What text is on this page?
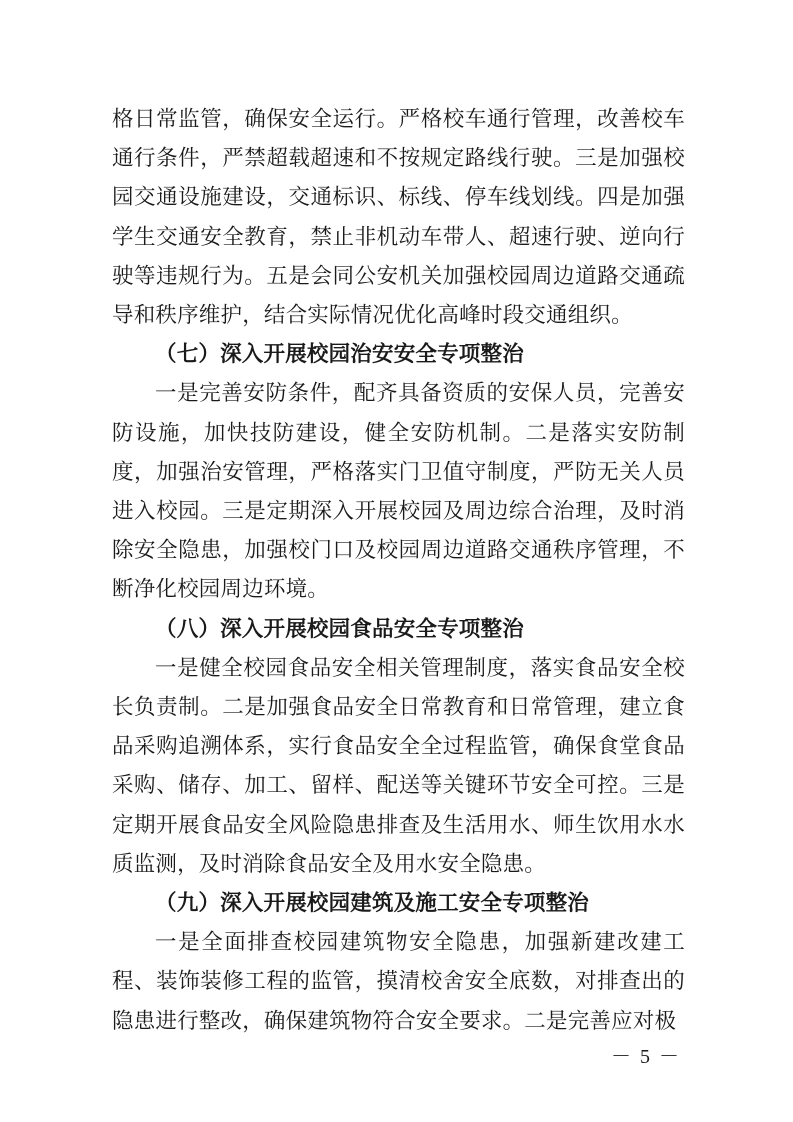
格日常监管，确保安全运行。严格校车通行管理，改善校车通行条件，严禁超载超速和不按规定路线行驶。三是加强校园交通设施建设，交通标识、标线、停车线划线。四是加强学生交通安全教育，禁止非机动车带人、超速行驶、逆向行驶等违规行为。五是会同公安机关加强校园周边道路交通疏导和秩序维护，结合实际情况优化高峰时段交通组织。

（七）深入开展校园治安安全专项整治

一是完善安防条件，配齐具备资质的安保人员，完善安防设施，加快技防建设，健全安防机制。二是落实安防制度，加强治安管理，严格落实门卫值守制度，严防无关人员进入校园。三是定期深入开展校园及周边综合治理，及时消除安全隐患，加强校门口及校园周边道路交通秩序管理，不断净化校园周边环境。

（八）深入开展校园食品安全专项整治

一是健全校园食品安全相关管理制度，落实食品安全校长负责制。二是加强食品安全日常教育和日常管理，建立食品采购追溯体系，实行食品安全全过程监管，确保食堂食品采购、储存、加工、留样、配送等关键环节安全可控。三是定期开展食品安全风险隐患排查及生活用水、师生饮用水水质监测，及时消除食品安全及用水安全隐患。

（九）深入开展校园建筑及施工安全专项整治

一是全面排查校园建筑物安全隐患，加强新建改建工程、装饰装修工程的监管，摸清校舍安全底数，对排查出的隐患进行整改，确保建筑物符合安全要求。二是完善应对极

－ 5 －
